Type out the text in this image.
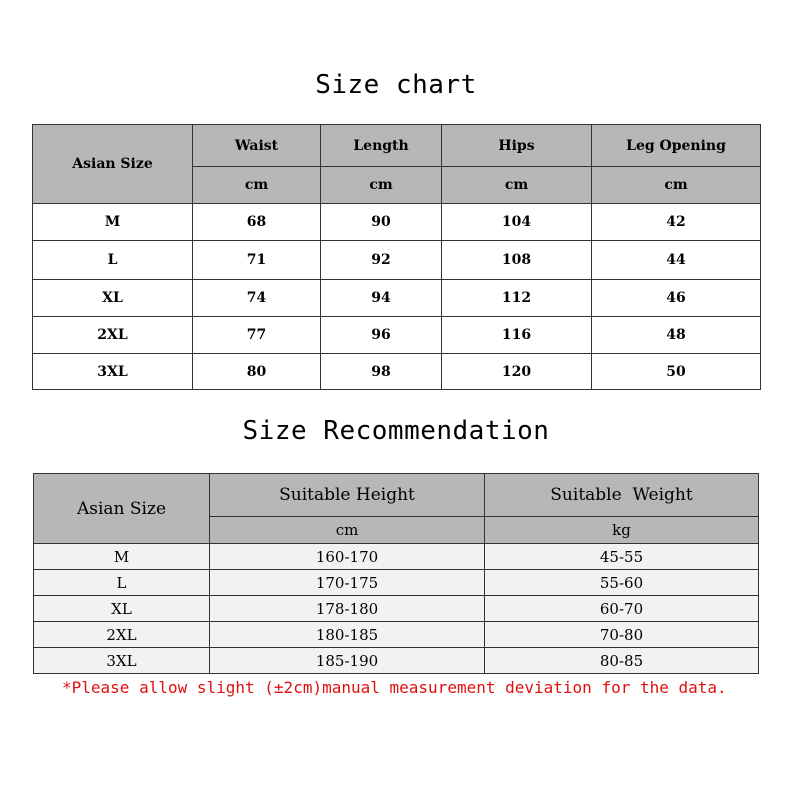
Size chart
Asian Size	Waist	Length	Hips	Leg Opening
	cm	cm	cm	cm
M	68	90	104	42
L	71	92	108	44
XL	74	94	112	46
2XL	77	96	116	48
3XL	80	98	120	50
Size Recommendation
Asian Size	Suitable Height	Suitable  Weight
	cm	kg
M	160-170	45-55
L	170-175	55-60
XL	178-180	60-70
2XL	180-185	70-80
3XL	185-190	80-85
*Please allow slight (±2cm)manual measurement deviation for the data.
